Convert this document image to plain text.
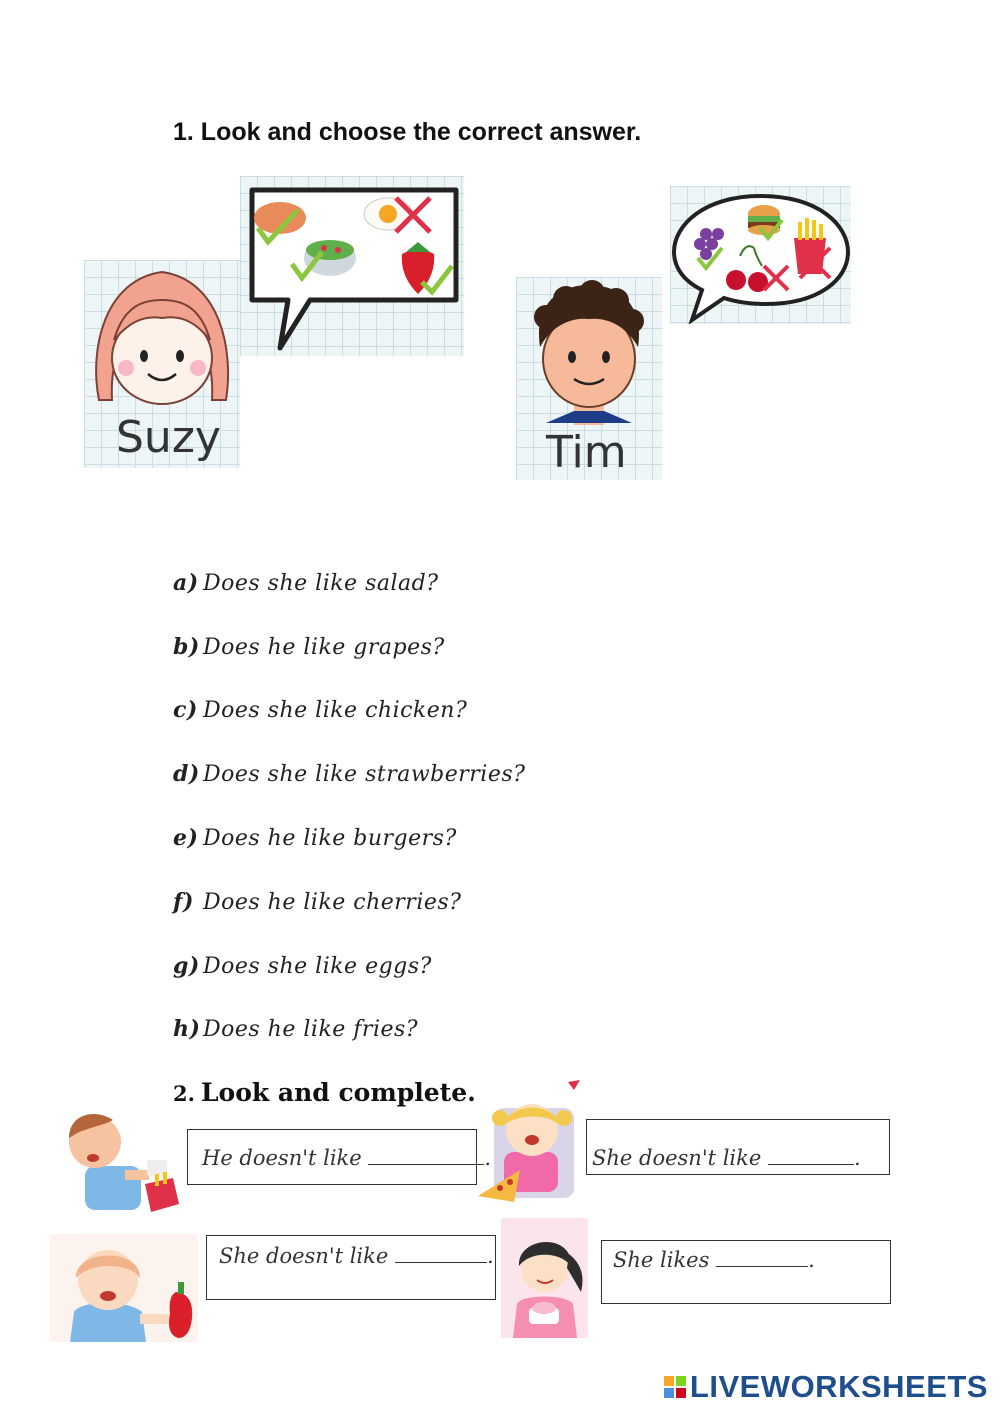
1. Look and choose the correct answer.
Suzy	Tim
a) Does she like salad?
b) Does he like grapes?
c) Does she like chicken?
d) Does she like strawberries?
e) Does he like burgers?
f) Does he like cherries?
g) Does she like eggs?
h) Does he like fries?
2. Look and complete.
He doesn't like	.	She doesn't like	.
She doesn't like	.	She likes	.
LIVEWORKSHEETS
